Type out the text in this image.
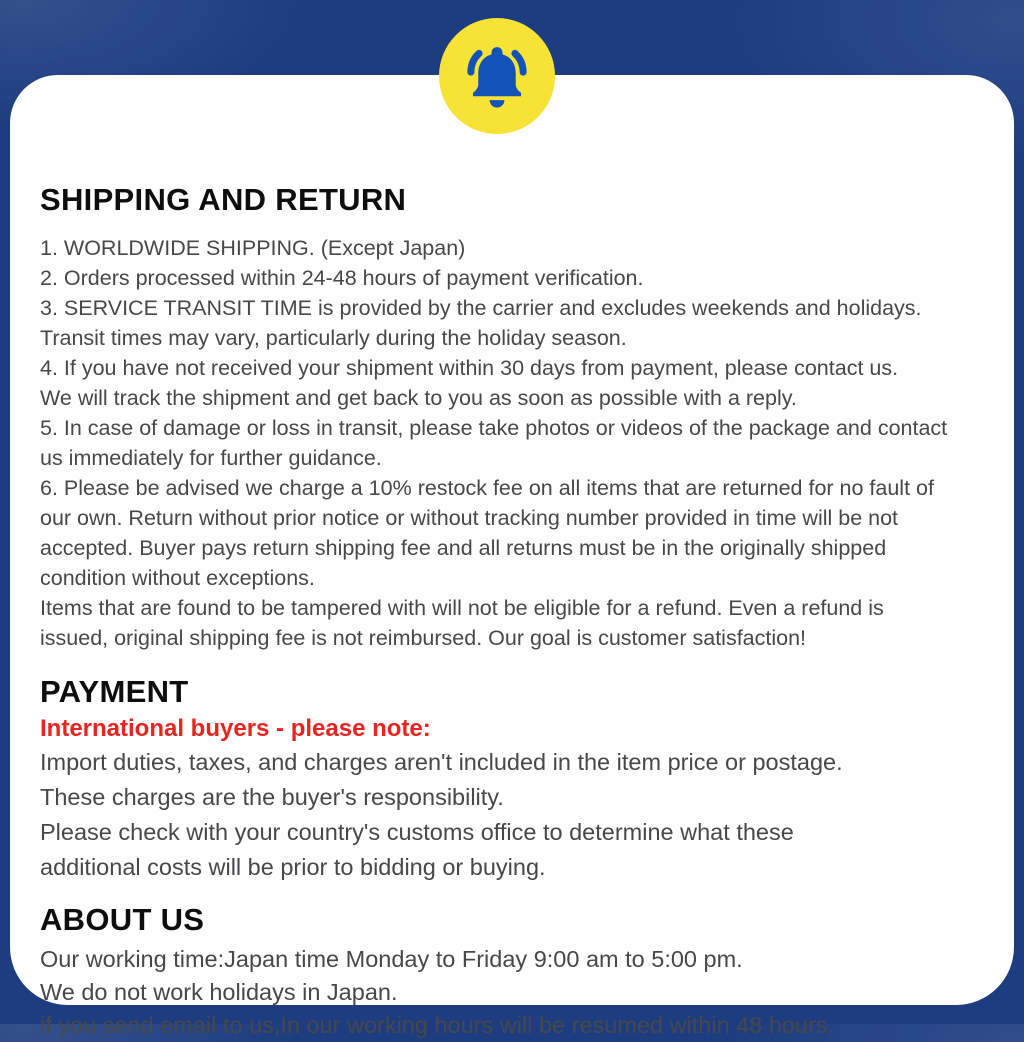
SHIPPING AND RETURN

1. WORLDWIDE SHIPPING. (Except Japan)

2. Orders processed within 24-48 hours of payment verification.

3. SERVICE TRANSIT TIME is provided by the carrier and excludes weekends and holidays.

Transit times may vary, particularly during the holiday season.

4. If you have not received your shipment within 30 days from payment, please contact us.

We will track the shipment and get back to you as soon as possible with a reply.

5. In case of damage or loss in transit, please take photos or videos of the package and contact

us immediately for further guidance.

6. Please be advised we charge a 10% restock fee on all items that are returned for no fault of

our own. Return without prior notice or without tracking number provided in time will be not

accepted. Buyer pays return shipping fee and all returns must be in the originally shipped

condition without exceptions.

Items that are found to be tampered with will not be eligible for a refund. Even a refund is

issued, original shipping fee is not reimbursed. Our goal is customer satisfaction!

PAYMENT

International buyers - please note:

Import duties, taxes, and charges aren't included in the item price or postage.

These charges are the buyer's responsibility.

Please check with your country's customs office to determine what these

additional costs will be prior to bidding or buying.

ABOUT US

Our working time:Japan time Monday to Friday 9:00 am to 5:00 pm.

We do not work holidays in Japan.

if you send email to us,In our working hours will be resumed within 48 hours.
